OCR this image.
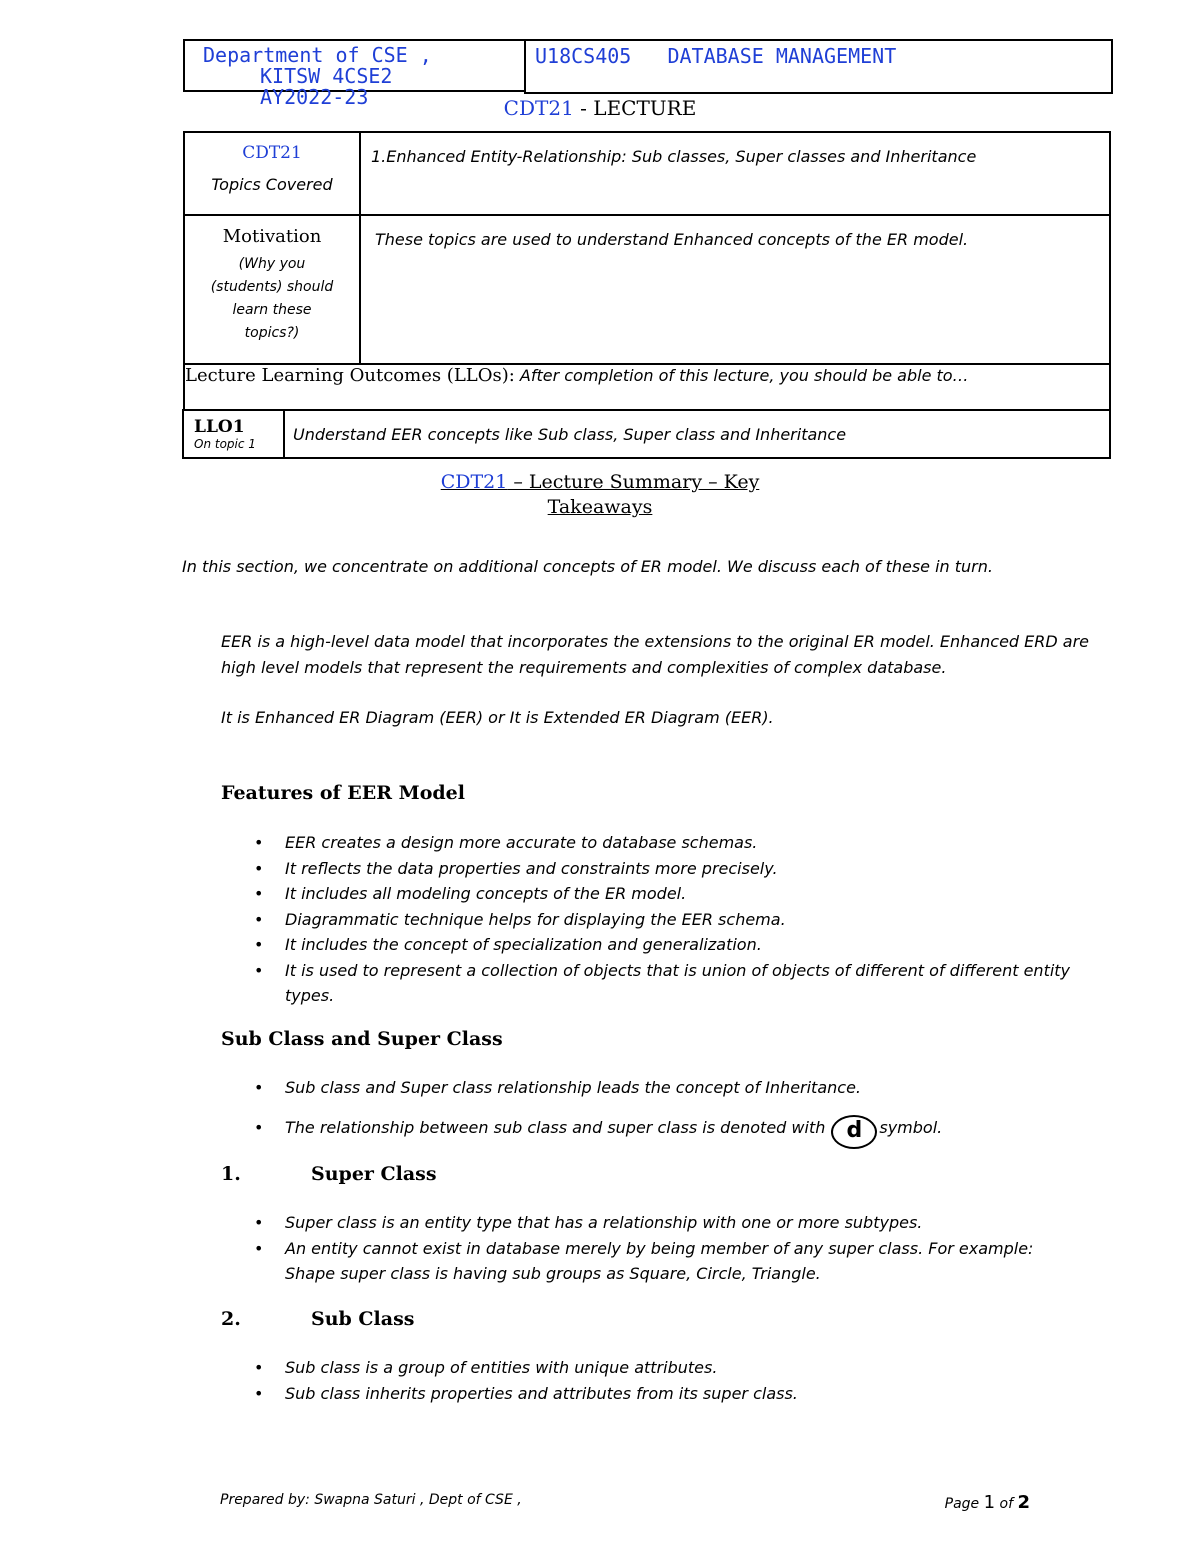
Department of CSE ,
KITSW 4CSE2
AY2022-23
U18CS405   DATABASE MANAGEMENT
CDT21 - LECTURE
CDT21
Topics Covered	1.Enhanced Entity-Relationship: Sub classes, Super classes and Inheritance

Motivation
(Why you (students) should learn these topics?)	These topics are used to understand Enhanced concepts of the ER model.

Lecture Learning Outcomes (LLOs): After completion of this lecture, you should be able to…	
LLO1
On topic 1
	Understand EER concepts like Sub class, Super class and Inheritance
CDT21 – Lecture Summary – Key
Takeaways
In this section, we concentrate on additional concepts of ER model. We discuss each of these in turn.
EER is a high-level data model that incorporates the extensions to the original ER model. Enhanced ERD are high level models that represent the requirements and complexities of complex database.
It is Enhanced ER Diagram (EER) or It is Extended ER Diagram (EER).
Features of EER Model
• EER creates a design more accurate to database schemas.
• It reflects the data properties and constraints more precisely.
• It includes all modeling concepts of the ER model.
• Diagrammatic technique helps for displaying the EER schema.
• It includes the concept of specialization and generalization.
• It is used to represent a collection of objects that is union of objects of different of different entity types.
Sub Class and Super Class
• Sub class and Super class relationship leads the concept of Inheritance.
• The relationship between sub class and super class is denoted with d symbol.
1.	Super Class
• Super class is an entity type that has a relationship with one or more subtypes.
• An entity cannot exist in database merely by being member of any super class. For example: Shape super class is having sub groups as Square, Circle, Triangle.
2.	Sub Class
• Sub class is a group of entities with unique attributes.
• Sub class inherits properties and attributes from its super class.
Prepared by: Swapna Saturi , Dept of CSE ,	Page 1 of 2
